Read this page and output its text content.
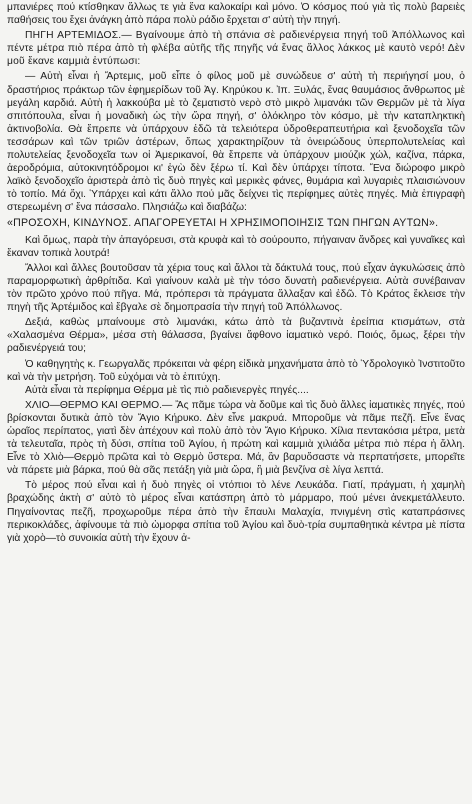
μπανιέρες πού κτίσθηκαν ἄλλως τε γιὰ ἕνα καλοκαίρι καὶ μόνο. Ὁ κόσμος πού γιὰ τὶς πολὺ βαρειὲς παθήσεις του ἔχει ἀνάγκη ἀπὸ πάρα πολὺ ράδιο ἔρχεται σ' αὐτὴ τὴν πηγή.

ΠΗΓΗ ΑΡΤΕΜΙΔΟΣ.— Βγαίνουμε ἀπὸ τὴ σπάνια σὲ ραδιενέργεια πηγή τοῦ Ἀπόλλωνος καὶ πέντε μέτρα πιὸ πέρα ἀπὸ τὴ φλέβα αὐτῆς τῆς πηγῆς νά ἕνας ἄλλος λάκκος μὲ καυτὸ νερό! Δὲν μοῦ ἔκανε καμμιὰ ἐντύπωσι:

— Αὐτὴ εἶναι ἡ Ἄρτεμις, μοῦ εἶπε ὁ φίλος μοῦ μὲ συνώδευε σ' αὐτὴ τὴ περιήγησί μου, ὁ δραστήριος πράκτωρ τῶν ἐφημερίδων τοῦ Ἁγ. Κηρύκου κ. Ἰπ. Ξυλάς, ἕνας θαυμάσιος ἄνθρωπος μὲ μεγάλη καρδιά. Αὐτὴ ἡ λακκούβα μὲ τὸ ζεματιστὸ νερὸ στὸ μικρὸ λιμανάκι τῶν Θερμῶν μὲ τὰ λίγα σπιτόπουλα, εἶναι ἡ μοναδικὴ ὡς τὴν ὥρα πηγή, σ' ὁλόκληρο τὸν κόσμο, μὲ τὴν καταπληκτικὴ ἀκτινοβολία. Θὰ ἔπρεπε νὰ ὑπάρχουν ἐδῶ τὰ τελειότερα ὑδροθεραπευτήρια καὶ ξενοδοχεῖα τῶν τεσσάρων καὶ τῶν τριῶν ἀστέρων, ὅπως χαρακτηρίζουν τὰ ὀνειρώδους ὑπερπολυτελείας καὶ πολυτελείας ξενοδοχεῖα των οἱ Ἀμερικανοί, θὰ ἔπρεπε νὰ ὑπάρχουν μιούζικ χώλ, καζίνα, πάρκα, ἀεροδρόμια, αὐτοκινητόδρομοι κι' ἐγὼ δὲν ξέρω τί. Καὶ δὲν ὑπάρχει τίποτα. Ἕνα διώροφο μικρὸ λαϊκὸ ξενοδοχεῖο ἀριστερὰ ἀπὸ τὶς δυὸ πηγὲς καὶ μερικὲς φάνες, θυμάρια καὶ λυγαριὲς πλαισιώνουν τὸ τοπίο. Μά ὄχι. Ὑπάρχει καὶ κάτι ἄλλο πού μᾶς δείχνει τὶς περίφημες αὐτὲς πηγές. Μιὰ ἐπιγραφὴ στερεωμένη σ' ἕνα πάσσαλο. Πλησιάζω καὶ διαβάζω:

«ΠΡΟΣΟΧΗ, ΚΙΝΔΥΝΟΣ. ΑΠΑΓΟΡΕΥΕΤΑΙ Η ΧΡΗΣΙΜΟΠΟΙΗΣΙΣ ΤΩΝ ΠΗΓΩΝ ΑΥΤΩΝ».

Καὶ ὅμως, παρὰ τὴν ἀπαγόρευσι, στὰ κρυφὰ καὶ τὸ σούρουπο, πήγαιναν ἄνδρες καὶ γυναῖκες καὶ ἔκαναν τοπικὰ λουτρά!

Ἄλλοι καὶ ἄλλες βουτοῦσαν τὰ χέρια τους καὶ ἄλλοι τὰ δάκτυλά τους, πού εἶχαν ἀγκυλώσεις ἀπὸ παραμορφωτικὴ ἀρθρίτιδα. Καὶ γιαίνουν καλὰ μὲ τὴν τόσο δυνατὴ ραδιενέργεια. Αὐτὰ συνέβαιναν τὸν πρῶτο χρόνο πού πῆγα. Μά, πρόπερσι τὰ πράγματα ἄλλαξαν καὶ ἐδῶ. Τὸ Κράτος ἔκλεισε τὴν πηγὴ τῆς Ἀρτέμιδος καὶ ἔβγαλε σὲ δημοπρασία τὴν πηγή τοῦ Ἀπόλλωνος.

Δεξιά, καθὼς μπαίνουμε στὸ λιμανάκι, κάτω ἀπὸ τὰ βυζαντινὰ ἐρείπια κτισμάτων, στὰ «Χαλασμένα Θέρμα», μέσα στὴ θάλασσα, βγαίνει ἄφθονο ἰαματικὸ νερό. Ποιός, ὅμως, ξέρει τὴν ραδιενέργειά του;

Ὁ καθηγητὴς κ. Γεωργαλᾶς πρόκειται νὰ φέρη εἰδικὰ μηχανήματα ἀπὸ τὸ Ὑδρολογικὸ Ἰνστιτοῦτο καὶ νὰ τὴν μετρήση. Τοῦ εὐχόμαι νὰ τὸ ἐπιτύχη.

Αὐτὰ εἶναι τὰ περίφημα Θέρμα μὲ τὶς πιὸ ραδιενεργὲς πηγές....

ΧΛΙΟ—ΘΕΡΜΟ ΚΑΙ ΘΕΡΜΟ.— Ἂς πᾶμε τώρα νὰ δοῦμε καὶ τὶς δυὸ ἄλλες ἰαματικὲς πηγές, πού βρίσκονται δυτικὰ ἀπὸ τὸν Ἅγιο Κήρυκο. Δὲν εἶνε μακρυά. Μποροῦμε νὰ πᾶμε πεζῆ. Εἶνε ἕνας ὡραῖος περίπατος, γιατὶ δὲν ἀπέχουν καὶ πολὺ ἀπὸ τὸν Ἅγιο Κήρυκο. Χίλια πεντακόσια μέτρα, μετὰ τὰ τελευταῖα, πρὸς τὴ δύσι, σπίτια τοῦ Ἁγίου, ἡ πρώτη καὶ καμμιὰ χιλιάδα μέτρα πιὸ πέρα ἡ ἄλλη. Εἶνε τὸ Χλιὸ—Θερμὸ πρῶτα καὶ τὸ Θερμὸ ὕστερα. Μά, ἂν βαρυὄσαστε νὰ περπατήσετε, μπορεῖτε νὰ πάρετε μιὰ βάρκα, πού θὰ σᾶς πετάξη γιὰ μιὰ ὥρα, ἢ μιὰ βενζίνα σὲ λίγα λεπτά.

Τὸ μέρος πού εἶναι καὶ ἡ δυὸ πηγὲς οἱ ντόπιοι τὸ λένε Λευκάδα. Γιατί, πράγματι, ἡ χαμηλὴ βραχώδης ἀκτὴ σ' αὐτὸ τὸ μέρος εἶναι κατάσπρη ἀπὸ τὸ μάρμαρο, πού μένει ἀνεκμετάλλευτο. Πηγαίνοντας πεζῆ, προχωροῦμε πέρα ἀπὸ τὴν ἔπαυλι Μαλαχία, πνιγμένη στὶς καταπράσινες περικοκλάδες, ἀφίνουμε τὰ πιὸ ὠμορφα σπίτια τοῦ Ἁγίου καὶ δυὸ-τρία συμπαθητικὰ κέντρα μὲ πίστα γιὰ χορὸ—τὸ συνοικία αὐτὴ τὴν ἔχουν ἀ-
